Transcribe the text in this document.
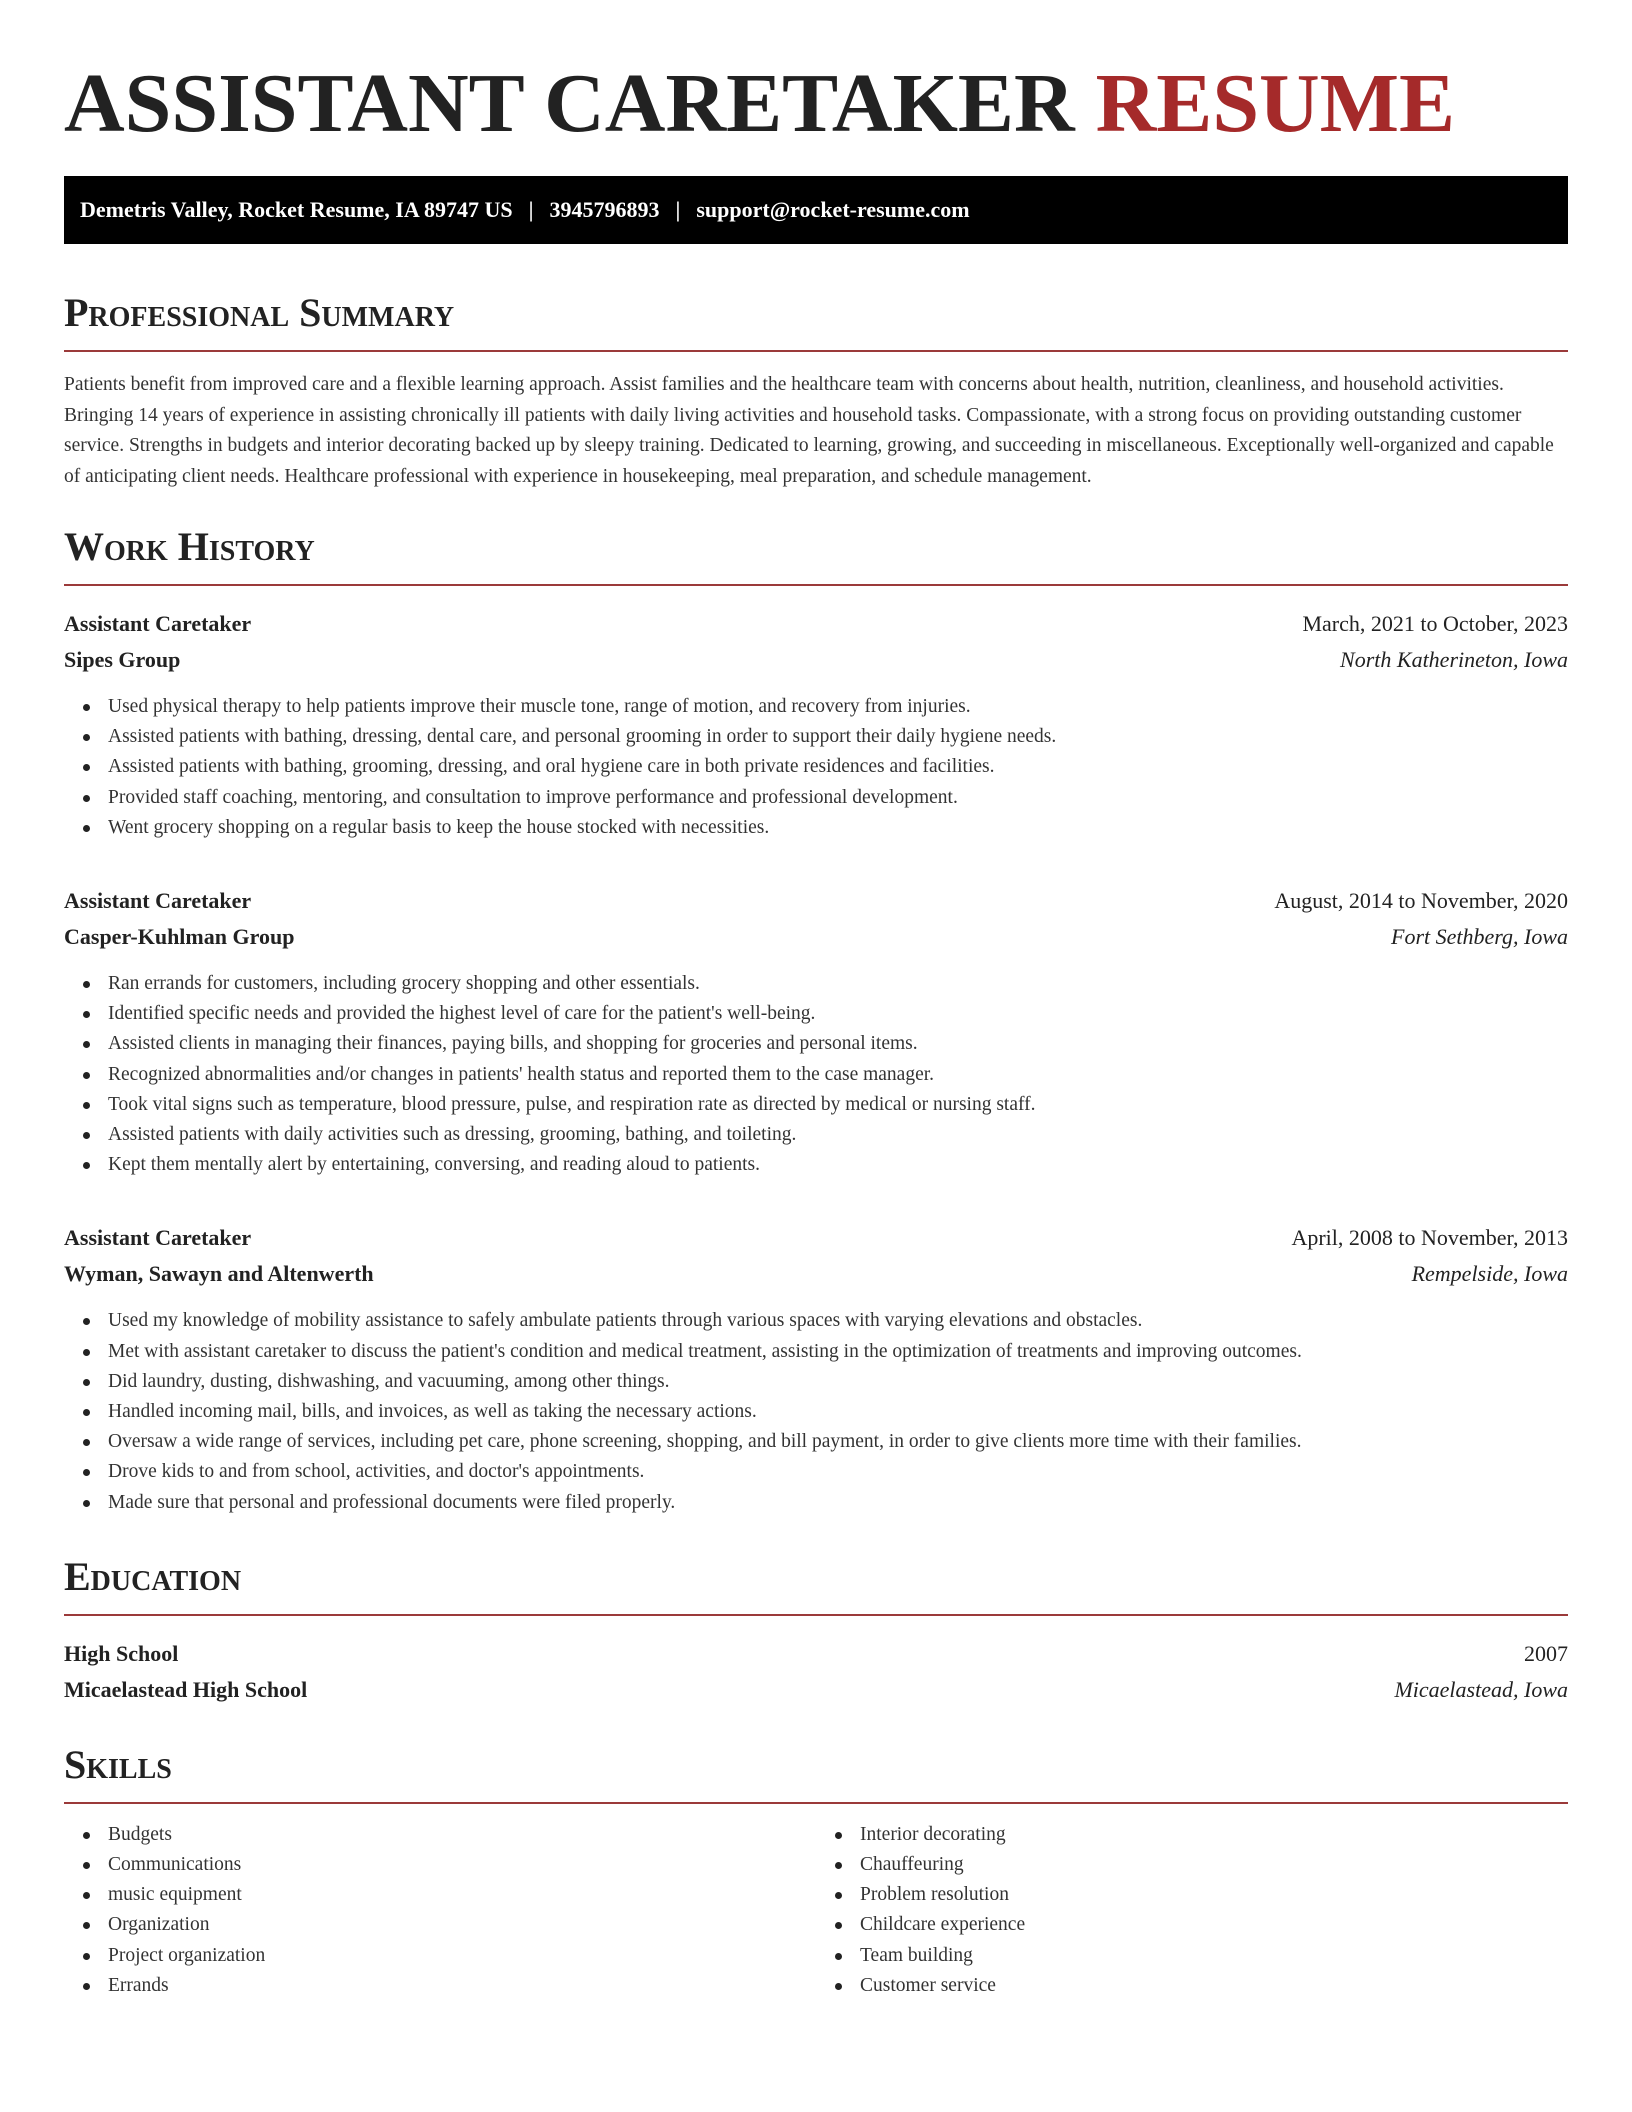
ASSISTANT CARETAKER RESUME
Demetris Valley, Rocket Resume, IA 89747 US | 3945796893 | support@rocket-resume.com
Professional Summary

Patients benefit from improved care and a flexible learning approach. Assist families and the healthcare team with concerns about health, nutrition, cleanliness, and household activities. Bringing 14 years of experience in assisting chronically ill patients with daily living activities and household tasks. Compassionate, with a strong focus on providing outstanding customer service. Strengths in budgets and interior decorating backed up by sleepy training. Dedicated to learning, growing, and succeeding in miscellaneous. Exceptionally well-organized and capable of anticipating client needs. Healthcare professional with experience in housekeeping, meal preparation, and schedule management.

Work History
Assistant Caretaker	March, 2021 to October, 2023
Sipes Group	North Katherineton, Iowa
Used physical therapy to help patients improve their muscle tone, range of motion, and recovery from injuries.
Assisted patients with bathing, dressing, dental care, and personal grooming in order to support their daily hygiene needs.
Assisted patients with bathing, grooming, dressing, and oral hygiene care in both private residences and facilities.
Provided staff coaching, mentoring, and consultation to improve performance and professional development.
Went grocery shopping on a regular basis to keep the house stocked with necessities.
Assistant Caretaker	August, 2014 to November, 2020
Casper-Kuhlman Group	Fort Sethberg, Iowa
Ran errands for customers, including grocery shopping and other essentials.
Identified specific needs and provided the highest level of care for the patient's well-being.
Assisted clients in managing their finances, paying bills, and shopping for groceries and personal items.
Recognized abnormalities and/or changes in patients' health status and reported them to the case manager.
Took vital signs such as temperature, blood pressure, pulse, and respiration rate as directed by medical or nursing staff.
Assisted patients with daily activities such as dressing, grooming, bathing, and toileting.
Kept them mentally alert by entertaining, conversing, and reading aloud to patients.
Assistant Caretaker	April, 2008 to November, 2013
Wyman, Sawayn and Altenwerth	Rempelside, Iowa
Used my knowledge of mobility assistance to safely ambulate patients through various spaces with varying elevations and obstacles.
Met with assistant caretaker to discuss the patient's condition and medical treatment, assisting in the optimization of treatments and improving outcomes.
Did laundry, dusting, dishwashing, and vacuuming, among other things.
Handled incoming mail, bills, and invoices, as well as taking the necessary actions.
Oversaw a wide range of services, including pet care, phone screening, shopping, and bill payment, in order to give clients more time with their families.
Drove kids to and from school, activities, and doctor's appointments.
Made sure that personal and professional documents were filed properly.
Education
High School	2007
Micaelastead High School	Micaelastead, Iowa
Skills
Budgets
Communications
music equipment
Organization
Project organization
Errands
Interior decorating
Chauffeuring
Problem resolution
Childcare experience
Team building
Customer service
